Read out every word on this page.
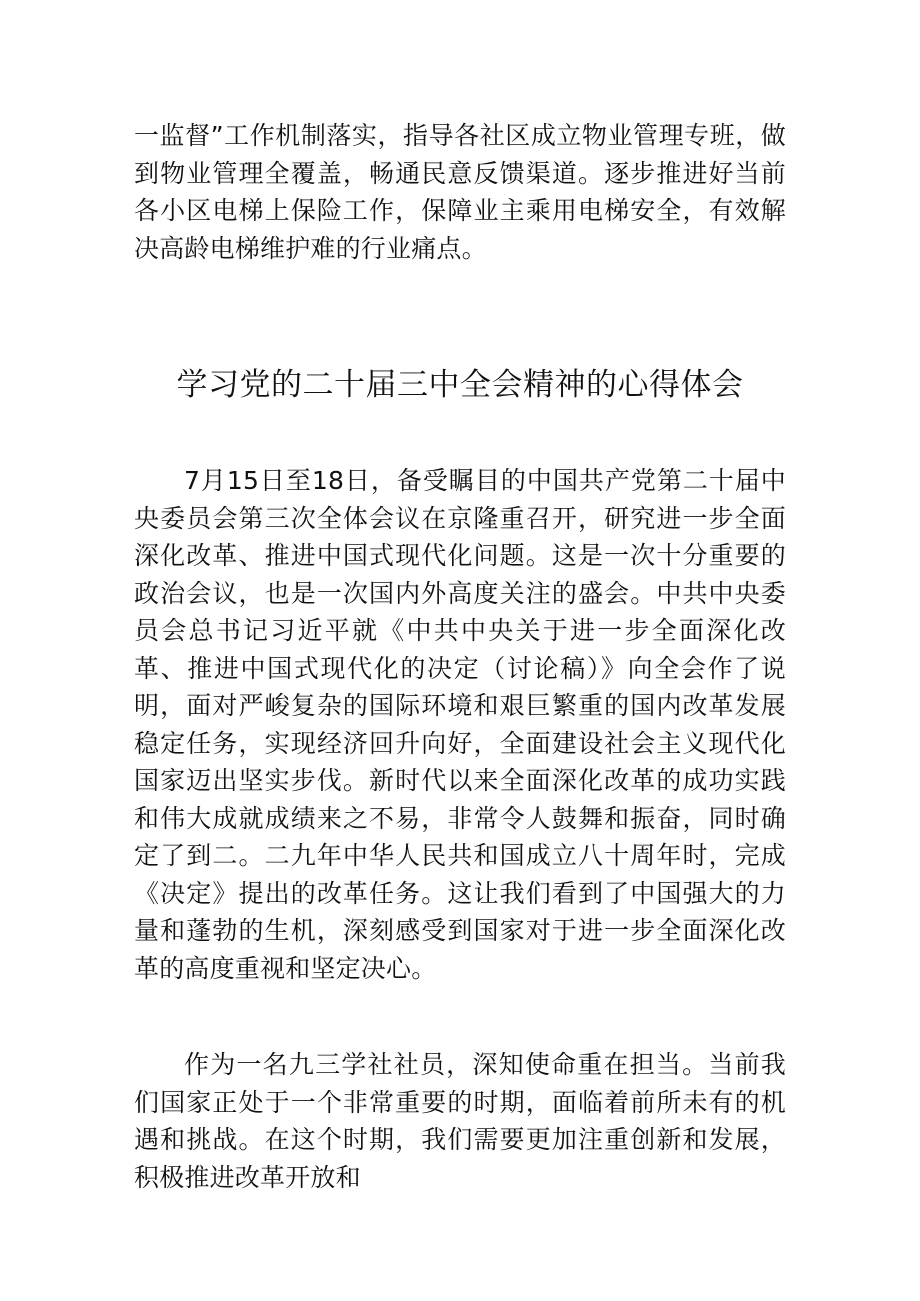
一监督”工作机制落实，指导各社区成立物业管理专班，做到物业管理全覆盖，畅通民意反馈渠道。逐步推进好当前各小区电梯上保险工作，保障业主乘用电梯安全，有效解决高龄电梯维护难的行业痛点。

学习党的二十届三中全会精神的心得体会

7月15日至18日，备受瞩目的中国共产党第二十届中央委员会第三次全体会议在京隆重召开，研究进一步全面深化改革、推进中国式现代化问题。这是一次十分重要的政治会议，也是一次国内外高度关注的盛会。中共中央委员会总书记习近平就《中共中央关于进一步全面深化改革、推进中国式现代化的决定（讨论稿）》向全会作了说明，面对严峻复杂的国际环境和艰巨繁重的国内改革发展稳定任务，实现经济回升向好，全面建设社会主义现代化国家迈出坚实步伐。新时代以来全面深化改革的成功实践和伟大成就成绩来之不易，非常令人鼓舞和振奋，同时确定了到二。二九年中华人民共和国成立八十周年时，完成《决定》提出的改革任务。这让我们看到了中国强大的力量和蓬勃的生机，深刻感受到国家对于进一步全面深化改革的高度重视和坚定决心。

作为一名九三学社社员，深知使命重在担当。当前我们国家正处于一个非常重要的时期，面临着前所未有的机遇和挑战。在这个时期，我们需要更加注重创新和发展，积极推进改革开放和
